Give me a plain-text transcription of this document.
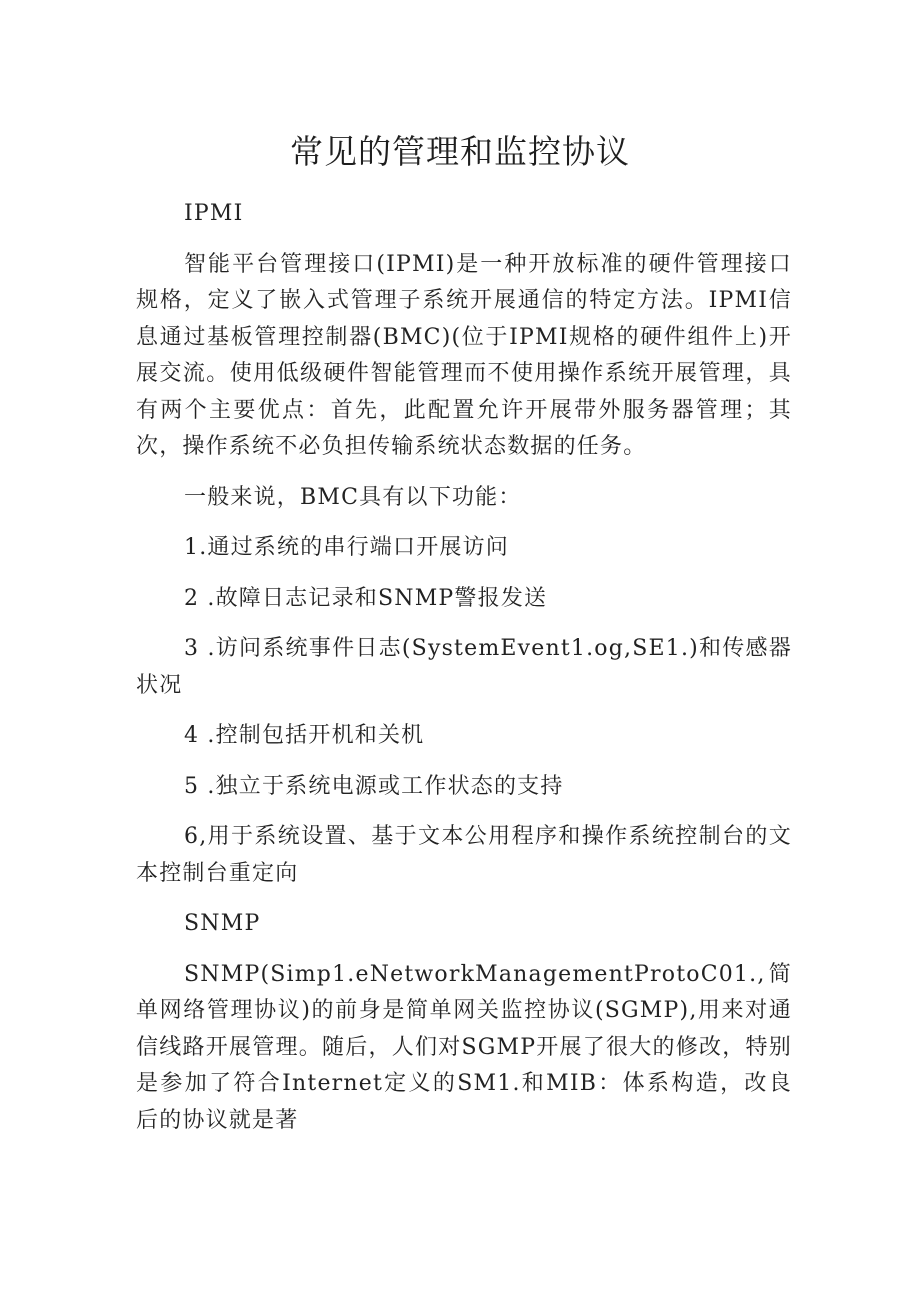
常见的管理和监控协议

IPMI

智能平台管理接口(IPMI)是一种开放标准的硬件管理接口规格，定义了嵌入式管理子系统开展通信的特定方法。IPMI信息通过基板管理控制器(BMC)(位于IPMI规格的硬件组件上)开展交流。使用低级硬件智能管理而不使用操作系统开展管理，具有两个主要优点：首先，此配置允许开展带外服务器管理；其次，操作系统不必负担传输系统状态数据的任务。

一般来说，BMC具有以下功能：

1.通过系统的串行端口开展访问

2 .故障日志记录和SNMP警报发送

3 .访问系统事件日志(SystemEvent1.og,SE1.)和传感器状况

4 .控制包括开机和关机

5 .独立于系统电源或工作状态的支持

6,用于系统设置、基于文本公用程序和操作系统控制台的文本控制台重定向

SNMP

SNMP(Simp1.eNetworkManagementProtoC01.,简单网络管理协议)的前身是简单网关监控协议(SGMP),用来对通信线路开展管理。随后，人们对SGMP开展了很大的修改，特别是参加了符合Internet定义的SM1.和MIB：体系构造，改良后的协议就是著
